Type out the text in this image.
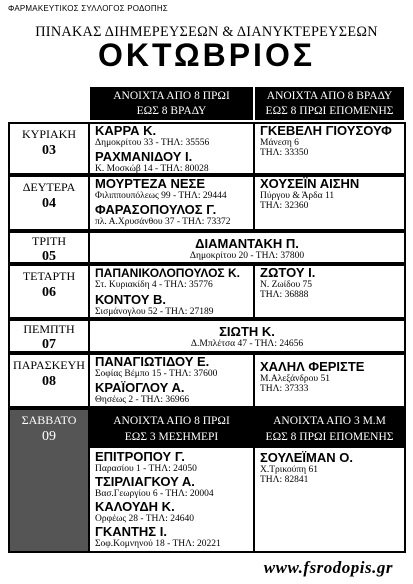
ΦΑΡΜΑΚΕΥΤΙΚΟΣ ΣΥΛΛΟΓΟΣ ΡΟΔΟΠΗΣ
ΠΙΝΑΚΑΣ ΔΙΗΜΕΡΕΥΣΕΩΝ & ΔΙΑΝΥΚΤΕΡΕΥΣΕΩΝ
ΟΚΤΩΒΡΙΟΣ
ΑΝΟΙΧΤΑ ΑΠΟ 8 ΠΡΩΙ
ΕΩΣ 8 ΒΡΑΔΥ
ΑΝΟΙΧΤΑ ΑΠΟ 8 ΒΡΑΔΥ
ΕΩΣ 8 ΠΡΩΙ ΕΠΟΜΕΝΗΣ
ΚΥΡΙΑΚΗ
03
ΚΑΡΡΑ Κ.
Δημοκρίτου 33 - ΤΗΛ: 35556
ΡΑΧΜΑΝΙΔΟΥ Ι.
Κ. Μοσκώβ 14 - ΤΗΛ: 80028
ΓΚΕΒΕΛΗ ΓΙΟΥΣΟΥΦ
Μάνεση 6
ΤΗΛ: 33350
ΔΕΥΤΕΡΑ
04
ΜΟΥΡΤΕΖΑ ΝΕΣΕ
Φιλιππουπόλεως 99 - ΤΗΛ: 29444
ΦΑΡΑΣΟΠΟΥΛΟΣ Γ.
πλ. Α.Χρυσάνθου 37 - ΤΗΛ: 73372
ΧΟΥΣΕΪΝ ΑΙΣΗΝ
Πύργου & Άρδα 11
ΤΗΛ: 32360
ΤΡΙΤΗ
05
ΔΙΑΜΑΝΤΑΚΗ Π.
Δημοκρίτου 20 - ΤΗΛ: 37800
ΤΕΤΑΡΤΗ
06
ΠΑΠΑΝΙΚΟΛΟΠΟΥΛΟΣ Κ.
Στ. Κυριακίδη 4 - ΤΗΛ: 35776
ΚΟΝΤΟΥ Β.
Σισμάνογλου 52 - ΤΗΛ: 27189
ΖΩΤΟΥ Ι.
Ν. Ζωίδου 75
ΤΗΛ: 36888
ΠΕΜΠΤΗ
07
ΣΙΩΤΗ Κ.
Δ.Μπλέτσα 47 - ΤΗΛ: 24656
ΠΑΡΑΣΚΕΥΗ
08
ΠΑΝΑΓΙΩΤΙΔΟΥ Ε.
Σοφίας Βέμπο 15 - ΤΗΛ: 37600
ΚΡΑΪΟΓΛΟΥ Α.
Θησέως 2 - ΤΗΛ: 36966
ΧΑΛΗΛ ΦΕΡΙΣΤΕ
Μ.Αλεξάνδρου 51
ΤΗΛ: 37333
ΣΑΒΒΑΤΟ
09
ΑΝΟΙΧΤΑ ΑΠΟ 8 ΠΡΩΙ
ΕΩΣ 3 ΜΕΣΗΜΕΡΙ
ΕΠΙΤΡΟΠΟΥ Γ.
Παρασίου 1 - ΤΗΛ: 24050
ΤΣΙΡΛΙΑΓΚΟΥ Α.
Βασ.Γεωργίου 6 - ΤΗΛ: 20004
ΚΑΛΟΥΔΗ Κ.
Ορφέως 28 - ΤΗΛ: 24640
ΓΚΑΝΤΗΣ Ι.
Σοφ.Κομνηνού 18 - ΤΗΛ: 20221
ΑΝΟΙΧΤΑ ΑΠΟ 3 Μ.Μ
ΕΩΣ 8 ΠΡΩΙ ΕΠΟΜΕΝΗΣ
ΣΟΥΛΕΪΜΑΝ Ο.
Χ.Τρικούπη 61
ΤΗΛ: 82841
www.fsrodopis.gr
